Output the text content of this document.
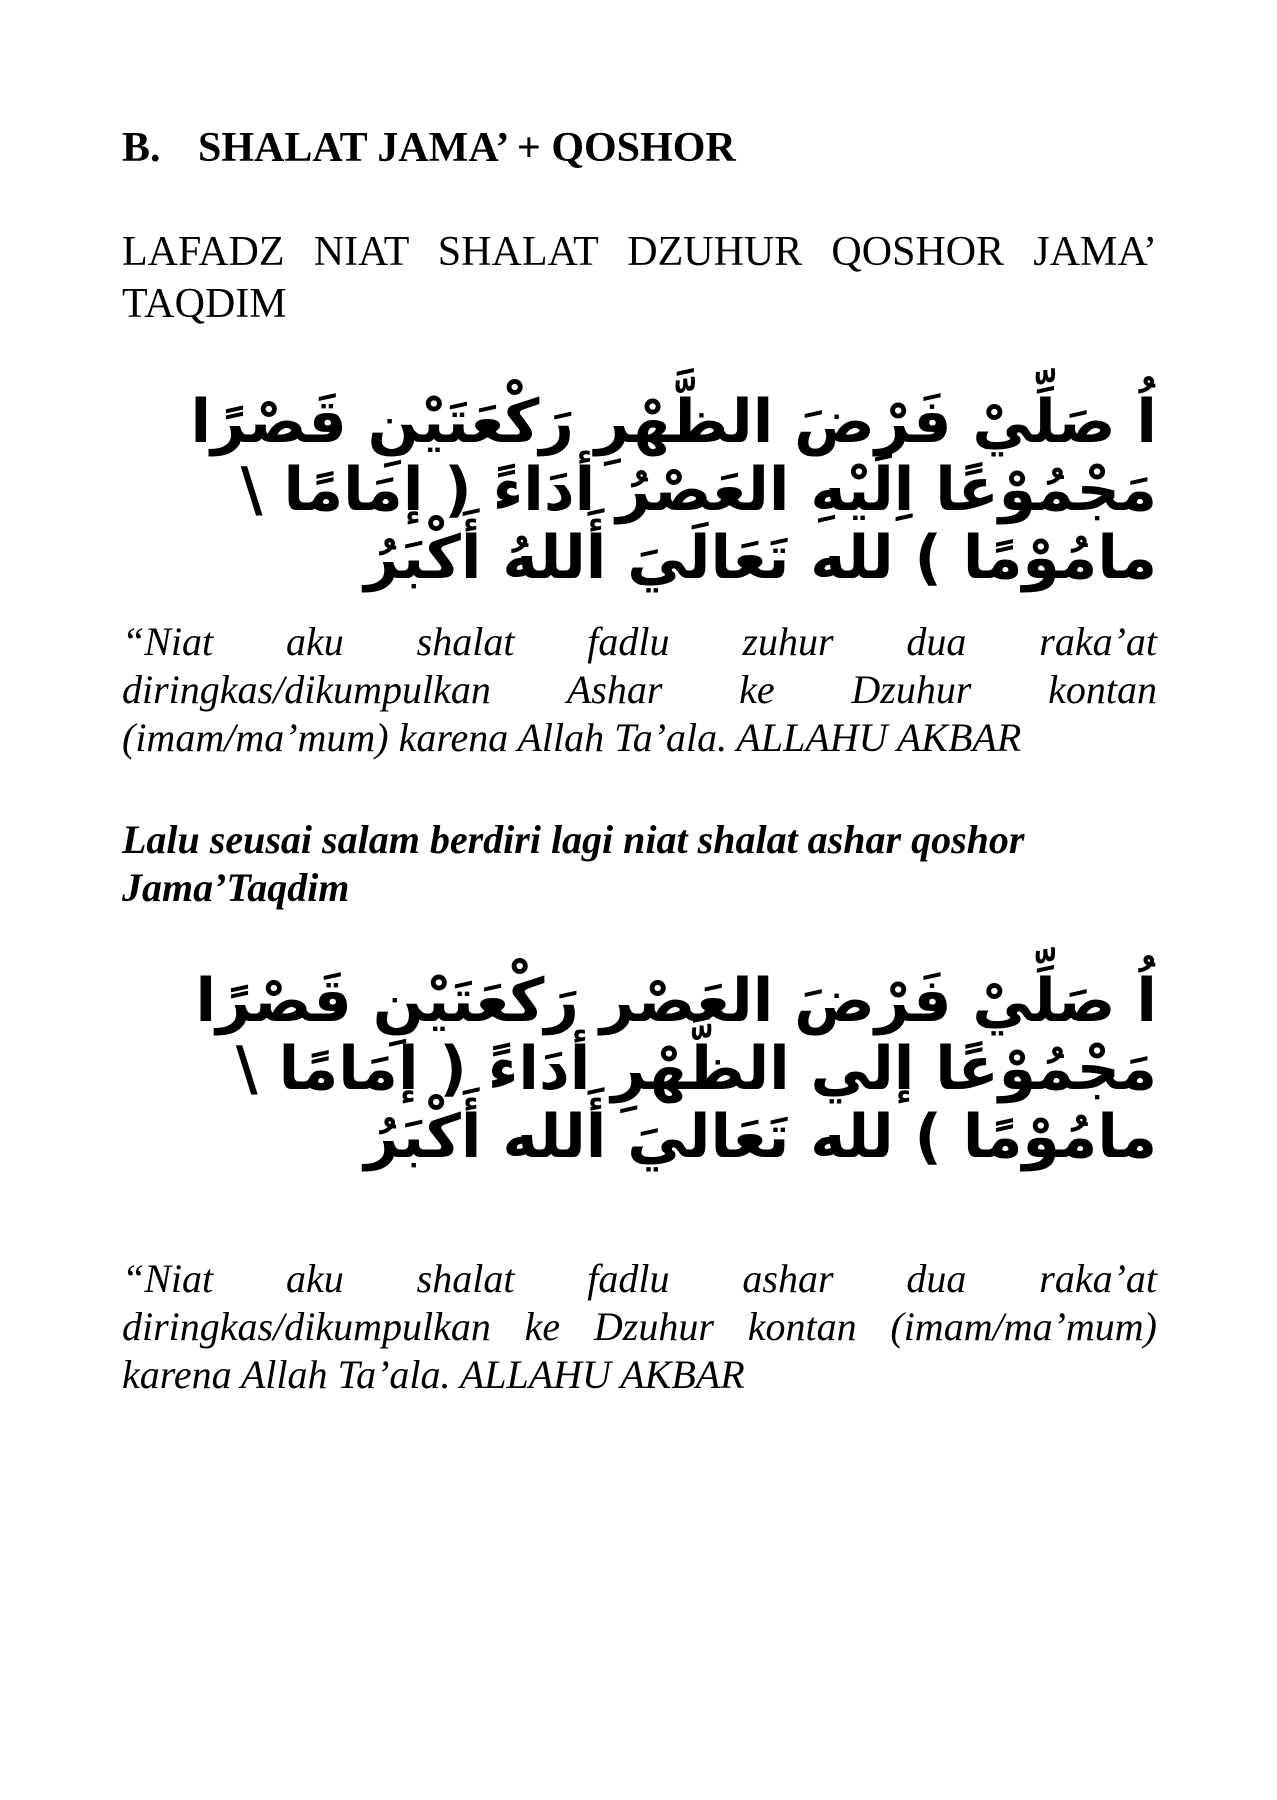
B. SHALAT JAMA’ + QOSHOR
LAFADZ NIAT SHALAT DZUHUR QOSHOR JAMA’ TAQDIM
اُ صَلِّيْ فَرْضَ الظَّهْرِ رَكْعَتَيْنِ قَصْرًا مَجْمُوْعًا اِلَيْهِ العَصْرُ أدَاءً ( إمَامًا \ مامُوْمًا ) لله تَعَالَيَ أَللهُ أَكْبَرُ
“Niat aku shalat fadlu zuhur dua raka’at diringkas/dikumpulkan Ashar ke Dzuhur kontan (imam/ma’mum) karena Allah Ta’ala. ALLAHU AKBAR
Lalu seusai salam berdiri lagi niat shalat ashar qoshor Jama’Taqdim
اُ صَلِّيْ فَرْضَ العَصْر رَكْعَتَيْنِ قَصْرًا مَجْمُوْعًا إلي الظَّهْرِ أدَاءً ( إمَامًا \ مامُوْمًا ) لله تَعَاليَ أَلله أَكْبَرُ
“Niat aku shalat fadlu ashar dua raka’at diringkas/dikumpulkan ke Dzuhur kontan (imam/ma’mum) karena Allah Ta’ala. ALLAHU AKBAR
